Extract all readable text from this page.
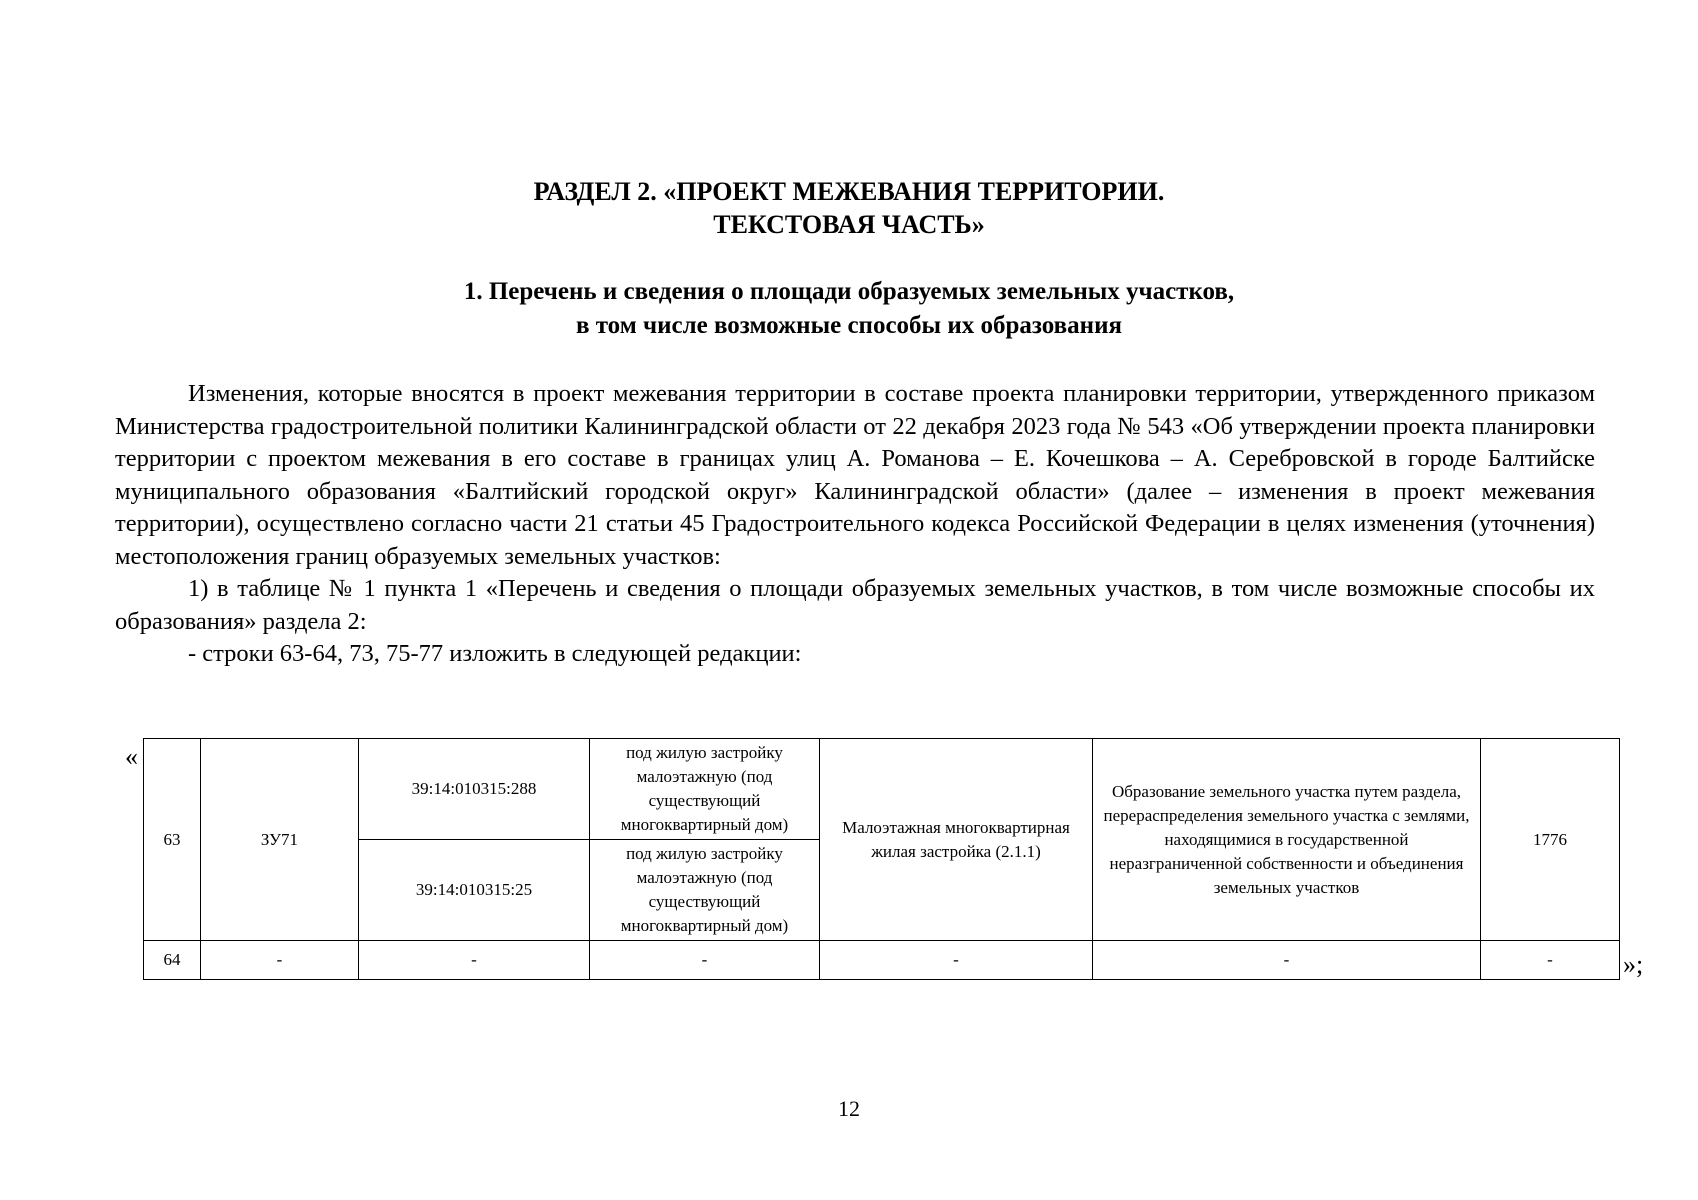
РАЗДЕЛ 2. «ПРОЕКТ МЕЖЕВАНИЯ ТЕРРИТОРИИ.
ТЕКСТОВАЯ ЧАСТЬ»
1. Перечень и сведения о площади образуемых земельных участков,
в том числе возможные способы их образования

Изменения, которые вносятся в проект межевания территории в составе проекта планировки территории, утвержденного приказом Министерства градостроительной политики Калининградской области от 22 декабря 2023 года № 543 «Об утверждении проекта планировки территории с проектом межевания в его составе в границах улиц А. Романова – Е. Кочешкова – А. Серебровской в городе Балтийске муниципального образования «Балтийский городской округ» Калининградской области» (далее – изменения в проект межевания территории), осуществлено согласно части 21 статьи 45 Градостроительного кодекса Российской Федерации в целях изменения (уточнения) местоположения границ образуемых земельных участков:

1) в таблице № 1 пункта 1 «Перечень и сведения о площади образуемых земельных участков, в том числе возможные способы их образования» раздела 2:

- строки 63-64, 73, 75-77 изложить в следующей редакции:

«
63	ЗУ71	39:14:010315:288	под жилую застройку малоэтажную (под существующий многоквартирный дом)	Малоэтажная многоквартирная жилая застройка (2.1.1)	Образование земельного участка путем раздела, перераспределения земельного участка с землями, находящимися в государственной неразграниченной собственности и объединения земельных участков	1776
		39:14:010315:25	под жилую застройку малоэтажную (под существующий многоквартирный дом)			
64	-	-	-	-	-	-	»;
12
